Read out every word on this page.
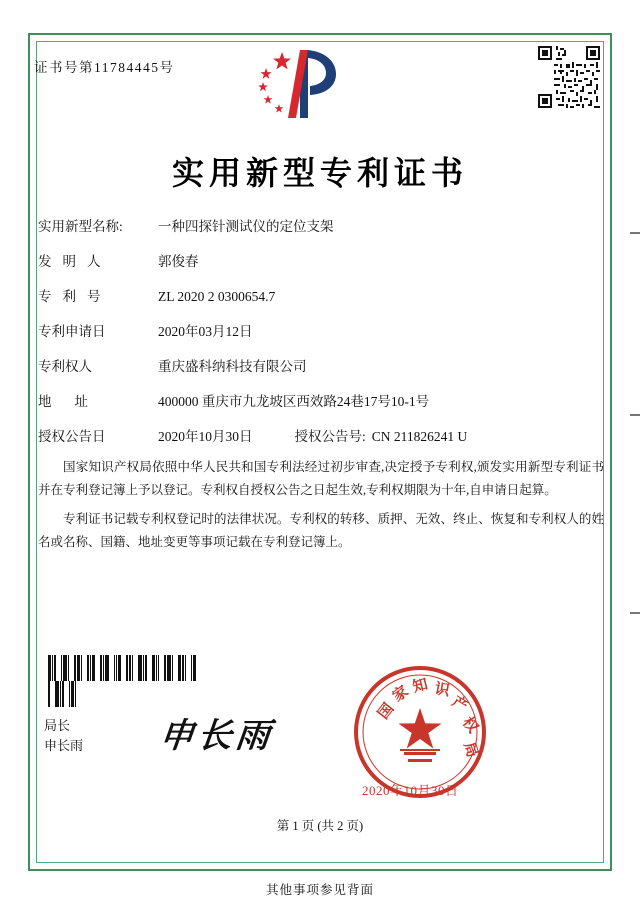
证书号第11784445号
实用新型专利证书
实用新型名称:	一种四探针测试仪的定位支架
发明人	郭俊春
专利号	ZL 2020 2 0300654.7
专利申请日	2020年03月12日
专利权人	重庆盛科纳科技有限公司
地址	400000 重庆市九龙坡区西效路24巷17号10-1号
授权公告日	2020年10月30日	授权公告号: CN 211826241 U

国家知识产权局依照中华人民共和国专利法经过初步审查,决定授予专利权,颁发实用新型专利证书并在专利登记簿上予以登记。专利权自授权公告之日起生效,专利权期限为十年,自申请日起算。

专利证书记载专利权登记时的法律状况。专利权的转移、质押、无效、终止、恢复和专利权人的姓名或名称、国籍、地址变更等事项记载在专利登记簿上。

局长
申长雨 申长雨
国
家 知 识
产
权
局
2020年10月30日
第 1 页 (共 2 页)
其他事项参见背面
